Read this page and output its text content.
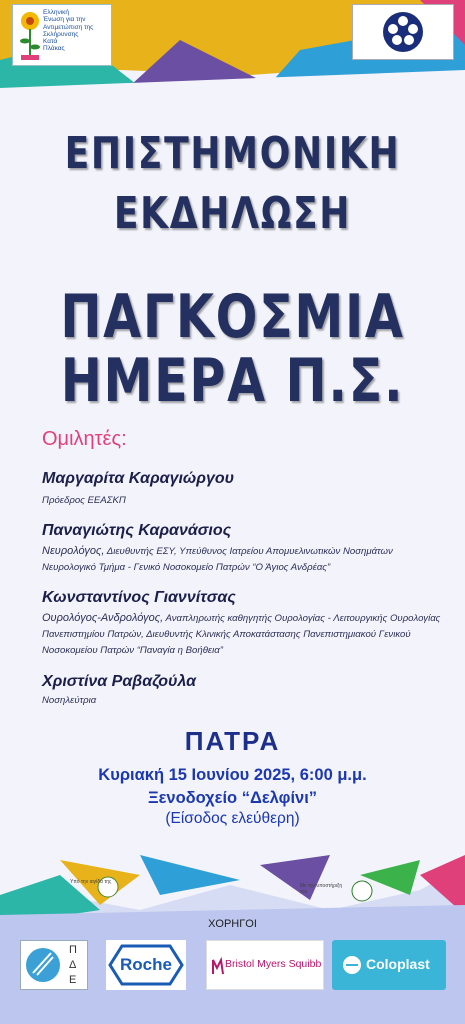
Ελληνική
Ένωση για την
Αντιμετώπιση της
Σκλήρυνσης
Κατά
Πλάκας
ΕΠΙΣΤΗΜΟΝΙΚΗ
ΕΚΔΗΛΩΣΗ
ΠΑΓΚΟΣΜΙΑ
ΗΜΕΡΑ Π.Σ.
Ομιλητές:
Μαργαρίτα Καραγιώργου
Πρόεδρος ΕΕΑΣΚΠ
Παναγιώτης Καρανάσιος
Νευρολόγος, Διευθυντής ΕΣΥ, Υπεύθυνος Ιατρείου Απομυελινωτικών Νοσημάτων Νευρολογικό Τμήμα - Γενικό Νοσοκομείο Πατρών “Ο Άγιος Ανδρέας”
Κωνσταντίνος Γιαννίτσας
Ουρολόγος-Ανδρολόγος, Αναπληρωτής καθηγητής Ουρολογίας - Λειτουργικής Ουρολογίας Πανεπιστημίου Πατρών, Διευθυντής Κλινικής Αποκατάστασης Πανεπιστημιακού Γενικού Νοσοκομείου Πατρών “Παναγία η Βοήθεια”
Χριστίνα Ραβαζούλα
Νοσηλεύτρια
ΠΑΤΡΑ
Κυριακή 15 Ιουνίου 2025, 6:00 μ.μ.
Ξενοδοχείο “Δελφίνι”
(Είσοδος ελεύθερη)
Υπό την αιγίδα της
Με την υποστήριξη του
ΧΟΡΗΓΟΙ
Π
Δ
Ε
Roche	Bristol Myers Squibb	Coloplast
